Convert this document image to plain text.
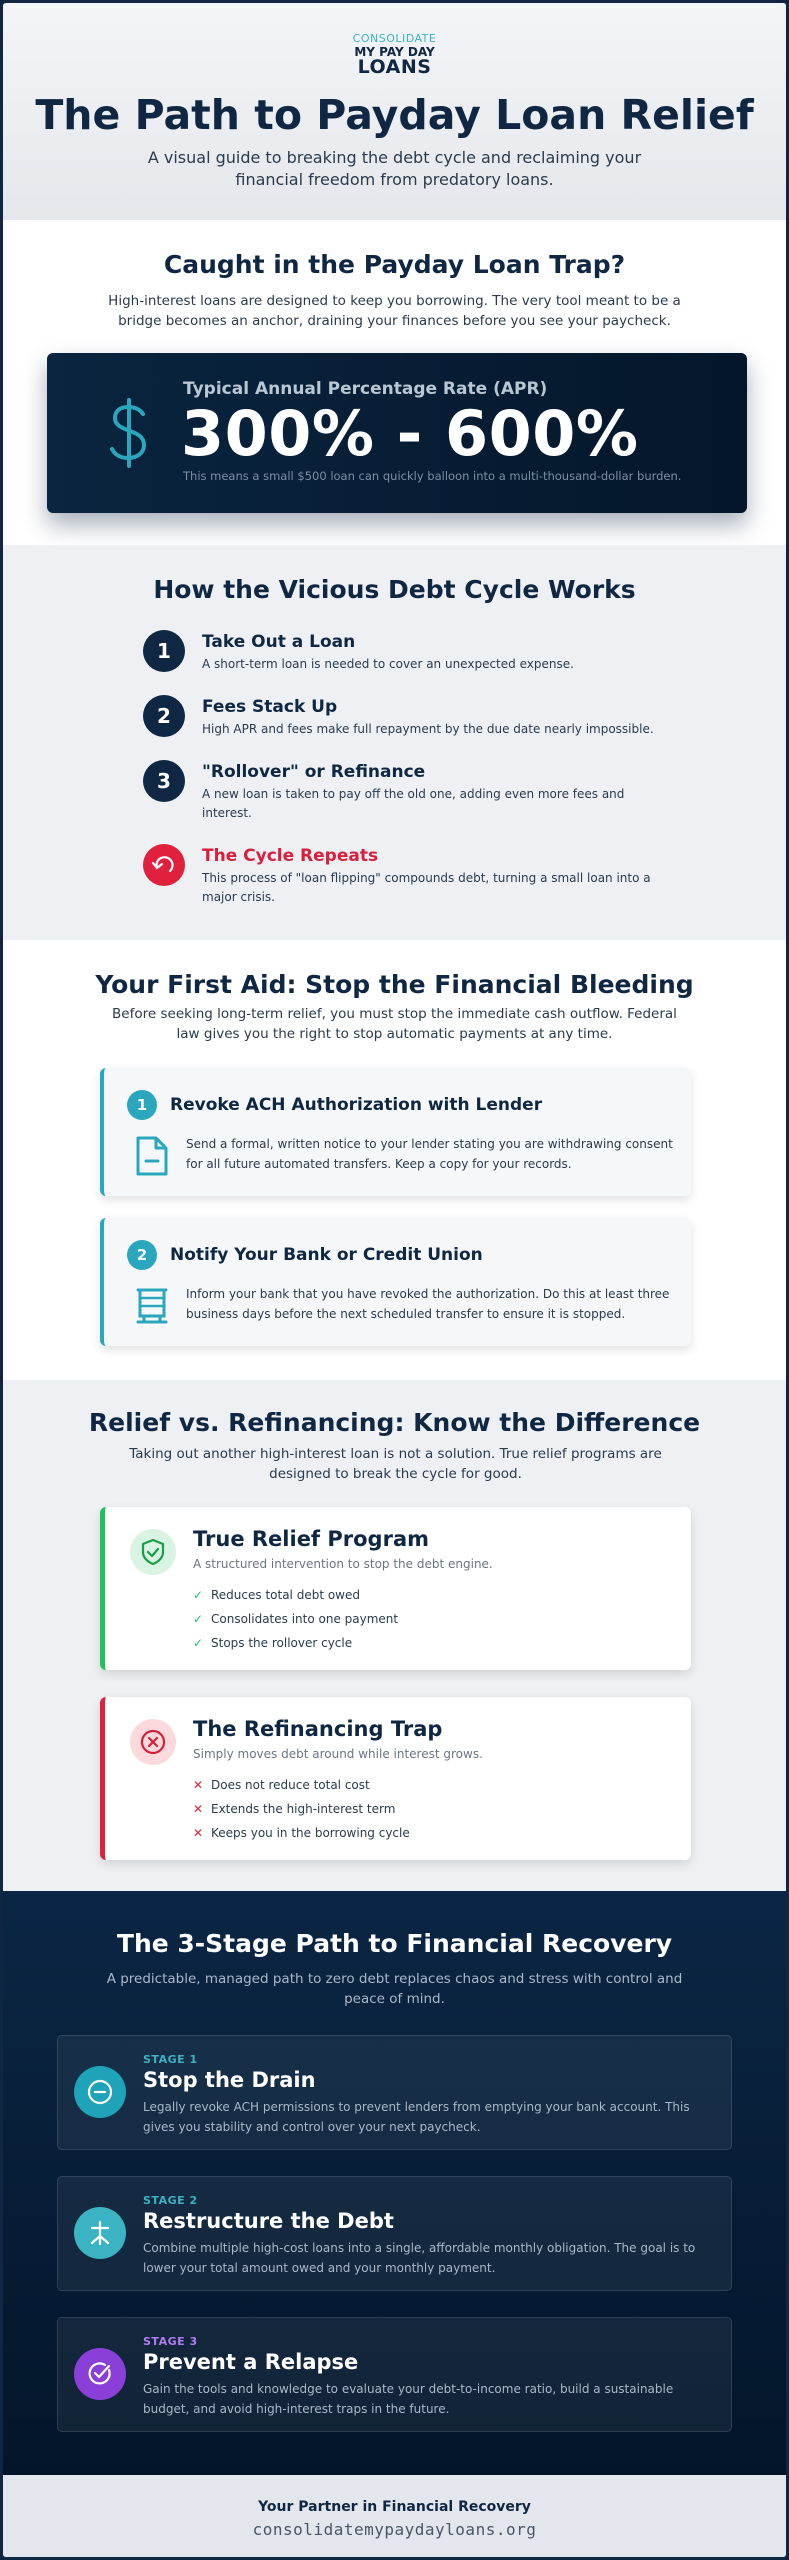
CONSOLIDATE
MY PAY DAY
LOANS
The Path to Payday Loan Relief

A visual guide to breaking the debt cycle and reclaiming your financial freedom from predatory loans.

Caught in the Payday Loan Trap?

High-interest loans are designed to keep you borrowing. The very tool meant to be a bridge becomes an anchor, draining your finances before you see your paycheck.

Typical Annual Percentage Rate (APR)
300% - 600%
This means a small $500 loan can quickly balloon into a multi-thousand-dollar burden.
How the Vicious Debt Cycle Works
1	Take Out a Loan
A short-term loan is needed to cover an unexpected expense.
2	Fees Stack Up
High APR and fees make full repayment by the due date nearly impossible.
3	"Rollover" or Refinance
A new loan is taken to pay off the old one, adding even more fees and interest.
The Cycle Repeats
This process of "loan flipping" compounds debt, turning a small loan into a major crisis.
Your First Aid: Stop the Financial Bleeding

Before seeking long-term relief, you must stop the immediate cash outflow. Federal law gives you the right to stop automatic payments at any time.

1	Revoke ACH Authorization with Lender
Send a formal, written notice to your lender stating you are withdrawing consent for all future automated transfers. Keep a copy for your records.
2	Notify Your Bank or Credit Union
Inform your bank that you have revoked the authorization. Do this at least three business days before the next scheduled transfer to ensure it is stopped.
Relief vs. Refinancing: Know the Difference

Taking out another high-interest loan is not a solution. True relief programs are designed to break the cycle for good.

True Relief Program
A structured intervention to stop the debt engine.
✓ Reduces total debt owed
✓ Consolidates into one payment
✓ Stops the rollover cycle
The Refinancing Trap
Simply moves debt around while interest grows.
✕ Does not reduce total cost
✕ Extends the high-interest term
✕ Keeps you in the borrowing cycle
The 3-Stage Path to Financial Recovery

A predictable, managed path to zero debt replaces chaos and stress with control and peace of mind.

STAGE 1
Stop the Drain
Legally revoke ACH permissions to prevent lenders from emptying your bank account. This gives you stability and control over your next paycheck.
STAGE 2
Restructure the Debt
Combine multiple high-cost loans into a single, affordable monthly obligation. The goal is to lower your total amount owed and your monthly payment.
STAGE 3
Prevent a Relapse
Gain the tools and knowledge to evaluate your debt-to-income ratio, build a sustainable budget, and avoid high-interest traps in the future.
Your Partner in Financial Recovery
consolidatemypaydayloans.org
